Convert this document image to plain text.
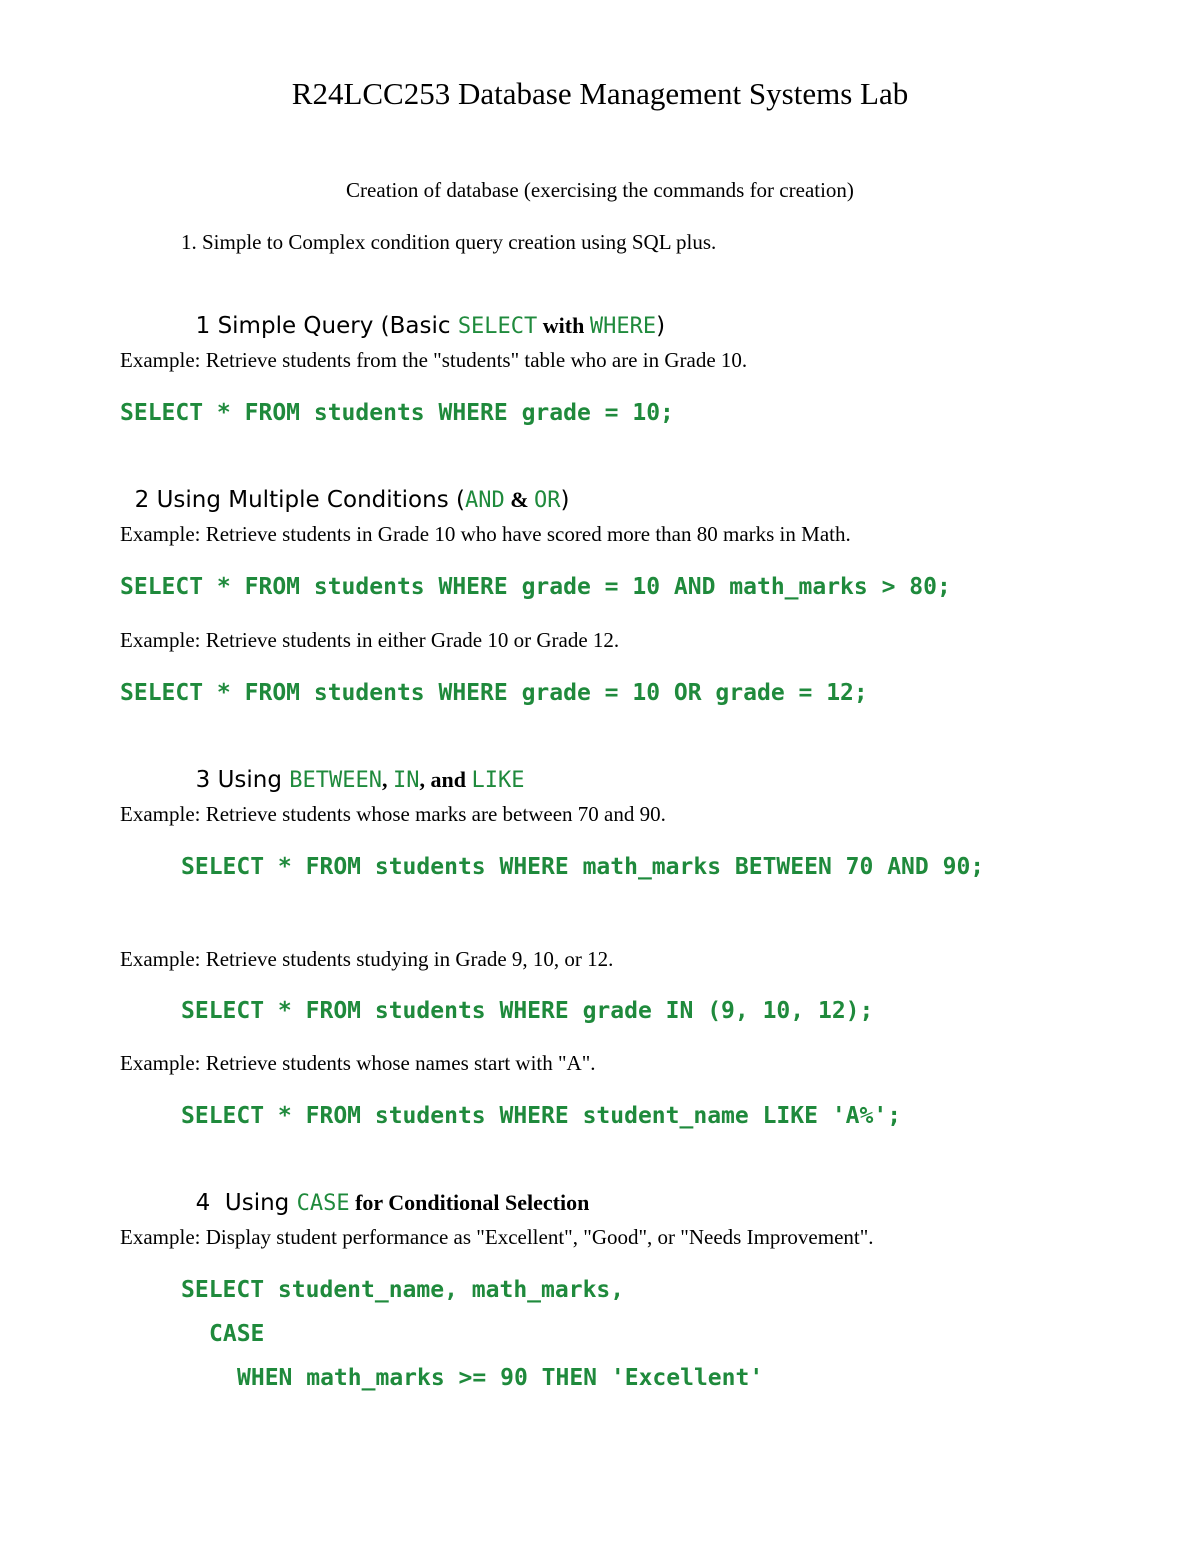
R24LCC253 Database Management Systems Lab
Creation of database (exercising the commands for creation)
1. Simple to Complex condition query creation using SQL plus.

1 Simple Query (Basic SELECT with WHERE)

Example: Retrieve students from the "students" table who are in Grade 10.
SELECT * FROM students WHERE grade = 10;

2 Using Multiple Conditions (AND & OR)

Example: Retrieve students in Grade 10 who have scored more than 80 marks in Math.
SELECT * FROM students WHERE grade = 10 AND math_marks > 80;
Example: Retrieve students in either Grade 10 or Grade 12.
SELECT * FROM students WHERE grade = 10 OR grade = 12;

3 Using BETWEEN, IN, and LIKE

Example: Retrieve students whose marks are between 70 and 90.
SELECT * FROM students WHERE math_marks BETWEEN 70 AND 90;
Example: Retrieve students studying in Grade 9, 10, or 12.
SELECT * FROM students WHERE grade IN (9, 10, 12);
Example: Retrieve students whose names start with "A".
SELECT * FROM students WHERE student_name LIKE 'A%';

4  Using CASE for Conditional Selection

Example: Display student performance as "Excellent", "Good", or "Needs Improvement".
SELECT student_name, math_marks,
CASE
WHEN math_marks >= 90 THEN 'Excellent'
